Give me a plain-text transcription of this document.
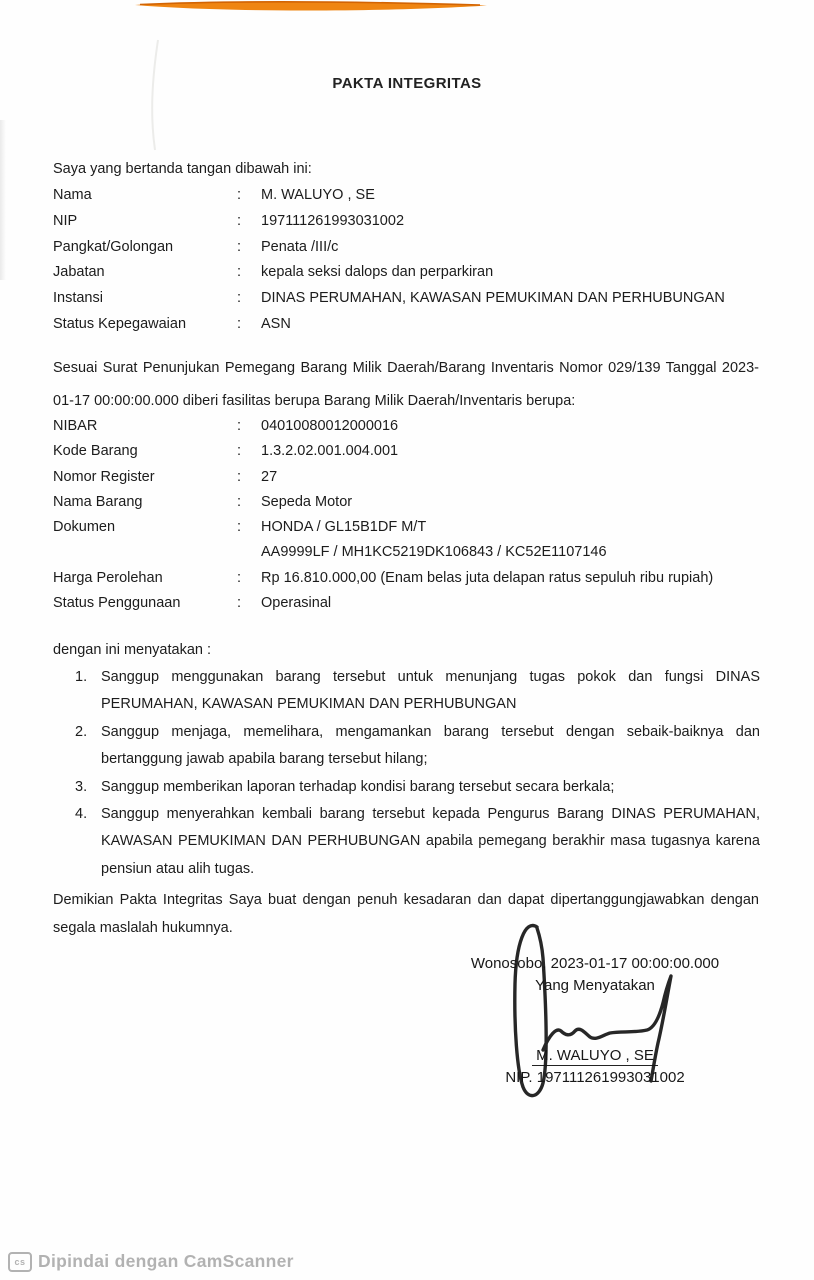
PAKTA INTEGRITAS
Saya yang bertanda tangan dibawah ini:
Nama	:	M. WALUYO , SE
NIP	:	197111261993031002
Pangkat/Golongan	:	Penata /III/c
Jabatan	:	kepala seksi dalops dan perparkiran
Instansi	:	DINAS PERUMAHAN, KAWASAN PEMUKIMAN DAN PERHUBUNGAN
Status Kepegawaian	:	ASN
Sesuai Surat Penunjukan Pemegang Barang Milik Daerah/Barang Inventaris Nomor 029/139 Tanggal 2023-01-17 00:00:00.000 diberi fasilitas berupa Barang Milik Daerah/Inventaris berupa:
NIBAR	:	04010080012000016
Kode Barang	:	1.3.2.02.001.004.001
Nomor Register	:	27
Nama Barang	:	Sepeda Motor
Dokumen	:	HONDA / GL15B1DF M/T
AA9999LF / MH1KC5219DK106843 / KC52E1107146
Harga Perolehan	:	Rp 16.810.000,00 (Enam belas juta delapan ratus sepuluh ribu rupiah)
Status Penggunaan	:	Operasinal
dengan ini menyatakan :
1. Sanggup menggunakan barang tersebut untuk menunjang tugas pokok dan fungsi DINAS PERUMAHAN, KAWASAN PEMUKIMAN DAN PERHUBUNGAN
2. Sanggup menjaga, memelihara, mengamankan barang tersebut dengan sebaik-baiknya dan bertanggung jawab apabila barang tersebut hilang;
3. Sanggup memberikan laporan terhadap kondisi barang tersebut secara berkala;
4. Sanggup menyerahkan kembali barang tersebut kepada Pengurus Barang DINAS PERUMAHAN, KAWASAN PEMUKIMAN DAN PERHUBUNGAN apabila pemegang berakhir masa tugasnya karena pensiun atau alih tugas.
Demikian Pakta Integritas Saya buat dengan penuh kesadaran dan dapat dipertanggungjawabkan dengan segala maslalah hukumnya.
Wonosobo, 2023-01-17 00:00:00.000
Yang Menyatakan
M. WALUYO , SE
NIP. 197111261993031002
cs Dipindai dengan CamScanner
